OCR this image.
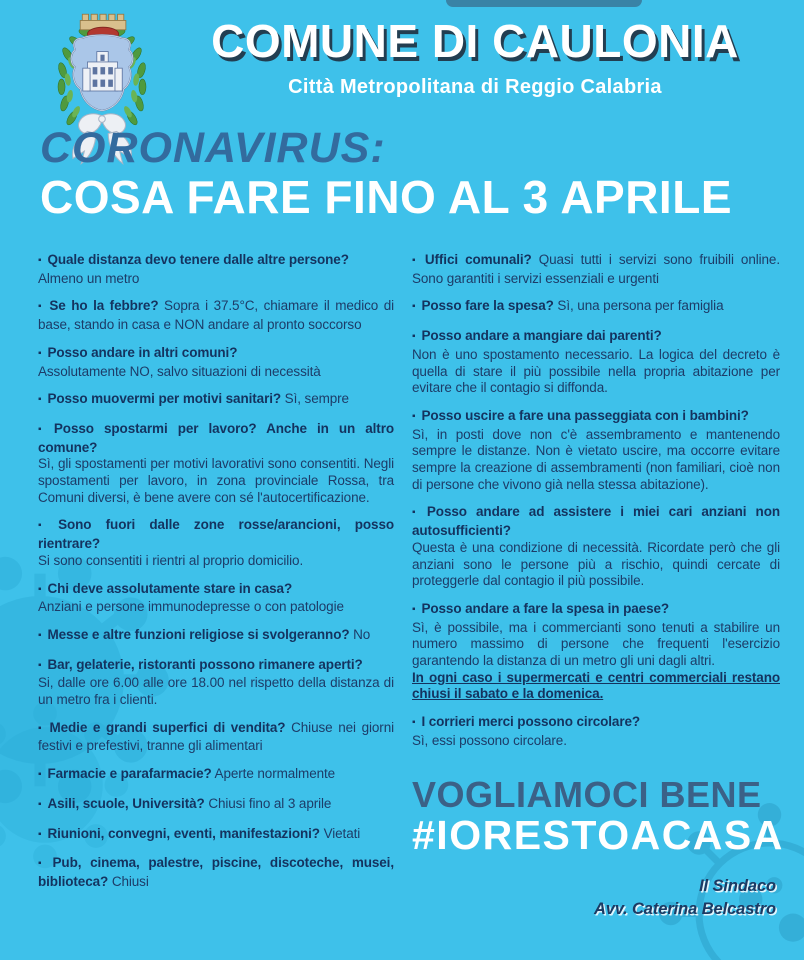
COMUNE DI CAULONIA
Città Metropolitana di Reggio Calabria
CORONAVIRUS:
COSA FARE FINO AL 3 APRILE

▪ Quale distanza devo tenere dalle altre persone?

Almeno un metro

▪ Se ho la febbre? Sopra i 37.5°C, chiamare il medico di base, stando in casa e NON andare al pronto soccorso

▪ Posso andare in altri comuni?

Assolutamente NO, salvo situazioni di necessità

▪ Posso muovermi per motivi sanitari? Sì, sempre

▪ Posso spostarmi per lavoro? Anche in un altro comune?

Sì, gli spostamenti per motivi lavorativi sono consentiti. Negli spostamenti per lavoro, in zona provinciale Rossa, tra Comuni diversi, è bene avere con sé l'autocertificazione.

▪ Sono fuori dalle zone rosse/arancioni, posso rientrare?

Si sono consentiti i rientri al proprio domicilio.

▪ Chi deve assolutamente stare in casa?

Anziani e persone immunodepresse o con patologie

▪ Messe e altre funzioni religiose si svolgeranno? No

▪ Bar, gelaterie, ristoranti possono rimanere aperti?

Si, dalle ore 6.00 alle ore 18.00 nel rispetto della distanza di un metro fra i clienti.

▪ Medie e grandi superfici di vendita? Chiuse nei giorni festivi e prefestivi, tranne gli alimentari

▪ Farmacie e parafarmacie? Aperte normalmente

▪ Asili, scuole, Università? Chiusi fino al 3 aprile

▪ Riunioni, convegni, eventi, manifestazioni? Vietati

▪ Pub, cinema, palestre, piscine, discoteche, musei, biblioteca? Chiusi

▪ Uffici comunali? Quasi tutti i servizi sono fruibili online. Sono garantiti i servizi essenziali e urgenti

▪ Posso fare la spesa? Sì, una persona per famiglia

▪ Posso andare a mangiare dai parenti?

Non è uno spostamento necessario. La logica del decreto è quella di stare il più possibile nella propria abitazione per evitare che il contagio si diffonda.

▪ Posso uscire a fare una passeggiata con i bambini?

Sì, in posti dove non c'è assembramento e mantenendo sempre le distanze. Non è vietato uscire, ma occorre evitare sempre la creazione di assembramenti (non familiari, cioè non di persone che vivono già nella stessa abitazione).

▪ Posso andare ad assistere i miei cari anziani non autosufficienti?

Questa è una condizione di necessità. Ricordate però che gli anziani sono le persone più a rischio, quindi cercate di proteggerle dal contagio il più possibile.

▪ Posso andare a fare la spesa in paese?

Sì, è possibile, ma i commercianti sono tenuti a stabilire un numero massimo di persone che frequenti l'esercizio garantendo la distanza di un metro gli uni dagli altri.

In ogni caso i supermercati e centri commerciali restano chiusi il sabato e la domenica.

▪ I corrieri merci possono circolare?

Sì, essi possono circolare.

VOGLIAMOCI BENE
#IORESTOACASA
Il Sindaco
Avv. Caterina Belcastro
